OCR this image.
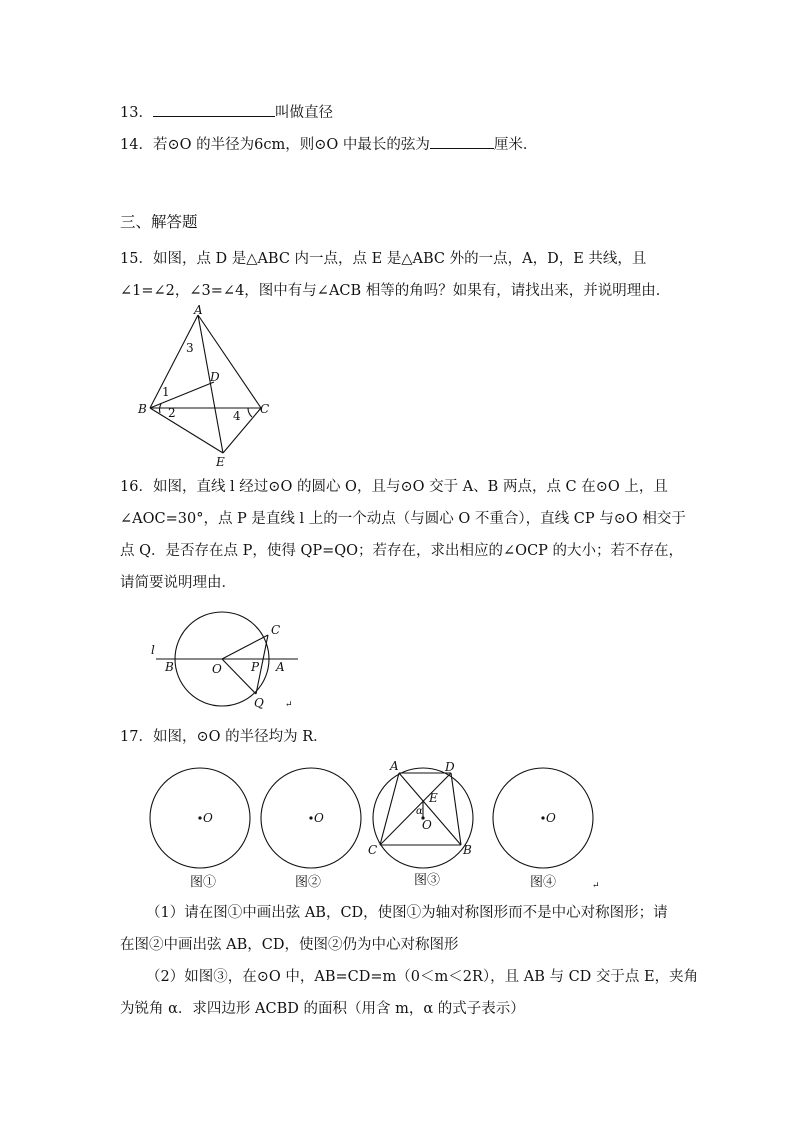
13．	叫做直径
14．若⊙O 的半径为6cm，则⊙O 中最长的弦为	厘米．
三、解答题
15．如图，点 D 是△ABC 内一点，点 E 是△ABC 外的一点，A，D，E 共线，且
∠1=∠2，∠3=∠4，图中有与∠ACB 相等的角吗？如果有，请找出来，并说明理由．
A
3
D
1
B 2	4 C
E
16．如图，直线 l 经过⊙O 的圆心 O，且与⊙O 交于 A、B 两点，点 C 在⊙O 上，且
∠AOC=30°，点 P 是直线 l 上的一个动点（与圆心 O 不重合），直线 CP 与⊙O 相交于
点 Q．是否存在点 P，使得 QP=QO；若存在，求出相应的∠OCP 的大小；若不存在，
请简要说明理由．
l
B	O P A
C
Q ↵
17．如图，⊙O 的半径均为 R．
O	O	O
A	D
E
α
O
C	B
图①	图②	图③	图④	↵
（1）请在图①中画出弦 AB，CD，使图①为轴对称图形而不是中心对称图形；请
在图②中画出弦 AB，CD，使图②仍为中心对称图形
（2）如图③，在⊙O 中，AB=CD=m（0＜m＜2R），且 AB 与 CD 交于点 E，夹角
为锐角 α．求四边形 ACBD 的面积（用含 m，α 的式子表示）
